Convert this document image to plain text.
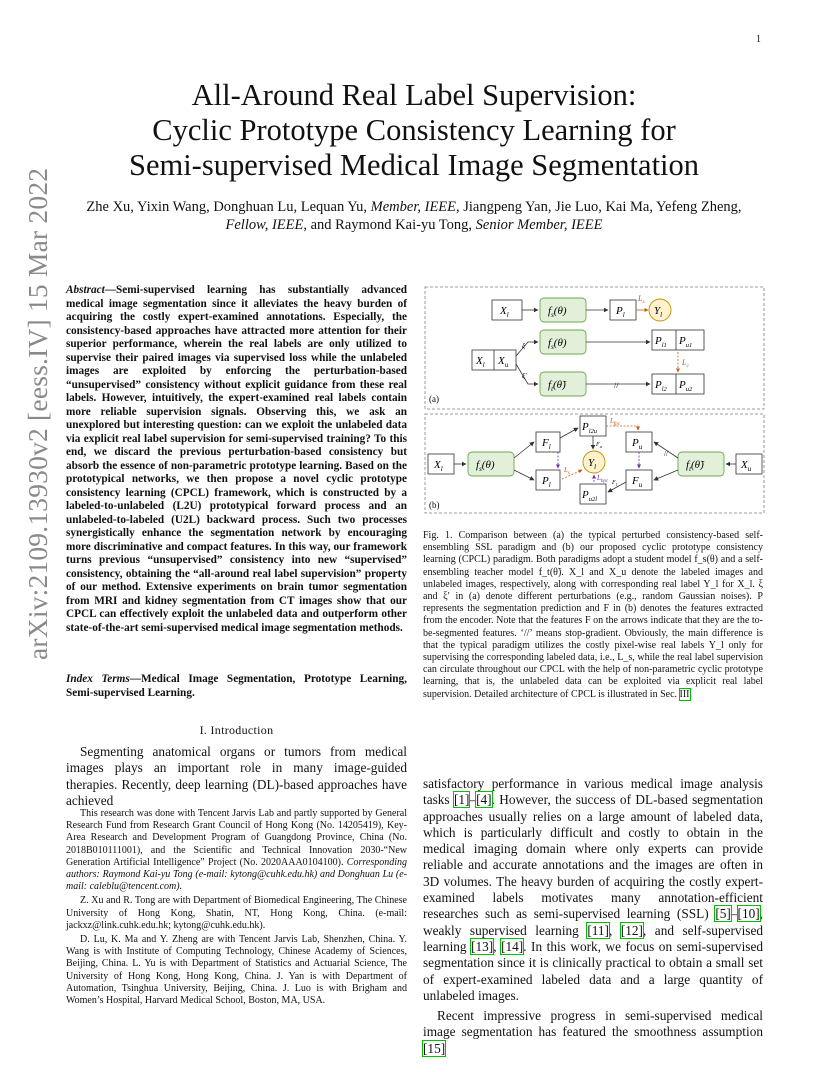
1
arXiv:2109.13930v2 [eess.IV] 15 Mar 2022
All-Around Real Label Supervision:
Cyclic Prototype Consistency Learning for
Semi-supervised Medical Image Segmentation
Zhe Xu, Yixin Wang, Donghuan Lu, Lequan Yu, Member, IEEE, Jiangpeng Yan, Jie Luo, Kai Ma, Yefeng Zheng,
Fellow, IEEE, and Raymond Kai-yu Tong, Senior Member, IEEE
Abstract—Semi-supervised learning has substantially advanced medical image segmentation since it alleviates the heavy burden of acquiring the costly expert-examined annotations. Especially, the consistency-based approaches have attracted more attention for their superior performance, wherein the real labels are only utilized to supervise their paired images via supervised loss while the unlabeled images are exploited by enforcing the perturbation-based “unsupervised” consistency without explicit guidance from these real labels. However, intuitively, the expert-examined real labels contain more reliable supervision signals. Observing this, we ask an unexplored but interesting question: can we exploit the unlabeled data via explicit real label supervision for semi-supervised training? To this end, we discard the previous perturbation-based consistency but absorb the essence of non-parametric prototype learning. Based on the prototypical networks, we then propose a novel cyclic prototype consistency learning (CPCL) framework, which is constructed by a labeled-to-unlabeled (L2U) prototypical forward process and an unlabeled-to-labeled (U2L) backward process. Such two processes synergistically enhance the segmentation network by encouraging more discriminative and compact features. In this way, our framework turns previous “unsupervised” consistency into new “supervised” consistency, obtaining the “all-around real label supervision” property of our method. Extensive experiments on brain tumor segmentation from MRI and kidney segmentation from CT images show that our CPCL can effectively exploit the unlabeled data and outperform other state-of-the-art semi-supervised medical image segmentation methods.
Index Terms—Medical Image Segmentation, Prototype Learning, Semi-supervised Learning.
I. Introduction
Segmenting anatomical organs or tumors from medical images plays an important role in many image-guided therapies. Recently, deep learning (DL)-based approaches have achieved

This research was done with Tencent Jarvis Lab and partly supported by General Research Fund from Research Grant Council of Hong Kong (No. 14205419), Key-Area Research and Development Program of Guangdong Province, China (No. 2018B010111001), and the Scientific and Technical Innovation 2030-“New Generation Artificial Intelligence” Project (No. 2020AAA0104100). Corresponding authors: Raymond Kai-yu Tong (e-mail: kytong@cuhk.edu.hk) and Donghuan Lu (e-mail: caleblu@tencent.com).

Z. Xu and R. Tong are with Department of Biomedical Engineering, The Chinese University of Hong Kong, Shatin, NT, Hong Kong, China. (e-mail: jackxz@link.cuhk.edu.hk; kytong@cuhk.edu.hk).

D. Lu, K. Ma and Y. Zheng are with Tencent Jarvis Lab, Shenzhen, China. Y. Wang is with Institute of Computing Technology, Chinese Academy of Sciences, Beijing, China. L. Yu is with Department of Statistics and Actuarial Science, The University of Hong Kong, Hong Kong, China. J. Yan is with Department of Automation, Tsinghua University, Beijing, China. J. Luo is with Brigham and Women’s Hospital, Harvard Medical School, Boston, MA, USA.

(a)
(b)
$X_l$	$f_s(\theta)$	$P_l$	$Y_l$
$L_s$
$X_l$ $X_u$
$f_s(\theta)$
$f_t(\thetã)$
ξ
ξ'
$P_{l1}$ $P_{u1}$
$P_{l2}$ $P_{u2}$
//
$L_c$
$X_l$	$f_s(\theta)$
$F_l$
$P_l$
$P_{l2u}$
$Y_l$
$P_{u2l}$
$P_u$
$F_u$
$f_t(\thetã)$	$X_u$
//
$F_u$
$L_{fpc}$
$L_s$
$L_{bpc}$ $F_l$
Fig. 1. Comparison between (a) the typical perturbed consistency-based self-ensembling SSL paradigm and (b) our proposed cyclic prototype consistency learning (CPCL) paradigm. Both paradigms adopt a student model f_s(θ) and a self-ensembling teacher model f_t(θ̃). X_l and X_u denote the labeled images and unlabeled images, respectively, along with corresponding real label Y_l for X_l. ξ and ξ′ in (a) denote different perturbations (e.g., random Gaussian noises). P represents the segmentation prediction and F in (b) denotes the features extracted from the encoder. Note that the features F on the arrows indicate that they are the to-be-segmented features. ‘//’ means stop-gradient. Obviously, the main difference is that the typical paradigm utilizes the costly pixel-wise real labels Y_l only for supervising the corresponding labeled data, i.e., L_s, while the real label supervision can circulate throughout our CPCL with the help of non-parametric cyclic prototype learning, that is, the unlabeled data can be exploited via explicit real label supervision. Detailed architecture of CPCL is illustrated in Sec. III.

satisfactory performance in various medical image analysis tasks [1]–[4]. However, the success of DL-based segmentation approaches usually relies on a large amount of labeled data, which is particularly difficult and costly to obtain in the medical imaging domain where only experts can provide reliable and accurate annotations and the images are often in 3D volumes. The heavy burden of acquiring the costly expert-examined labels motivates many annotation-efficient researches such as semi-supervised learning (SSL) [5]–[10], weakly supervised learning [11], [12], and self-supervised learning [13], [14]. In this work, we focus on semi-supervised segmentation since it is clinically practical to obtain a small set of expert-examined labeled data and a large quantity of unlabeled images.

Recent impressive progress in semi-supervised medical image segmentation has featured the smoothness assumption [15]
